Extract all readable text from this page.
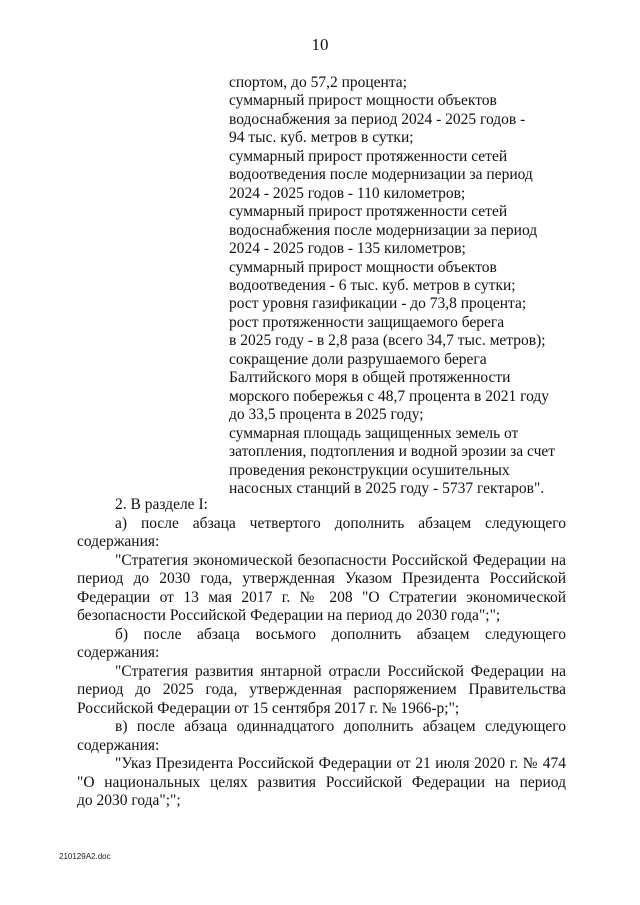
10
спортом, до 57,2 процента;
суммарный прирост мощности объектов
водоснабжения за период 2024 - 2025 годов -
94 тыс. куб. метров в сутки;
суммарный прирост протяженности сетей
водоотведения после модернизации за период
2024 - 2025 годов - 110 километров;
суммарный прирост протяженности сетей
водоснабжения после модернизации за период
2024 - 2025 годов - 135 километров;
суммарный прирост мощности объектов
водоотведения - 6 тыс. куб. метров в сутки;
рост уровня газификации - до 73,8 процента;
рост протяженности защищаемого берега
в 2025 году - в 2,8 раза (всего 34,7 тыс. метров);
сокращение доли разрушаемого берега
Балтийского моря в общей протяженности
морского побережья с 48,7 процента в 2021 году
до 33,5 процента в 2025 году;
суммарная площадь защищенных земель от
затопления, подтопления и водной эрозии за счет
проведения реконструкции осушительных
насосных станций в 2025 году - 5737 гектаров".
2. В разделе I:
а) после абзаца четвертого дополнить абзацем следующего
содержания:
"Стратегия экономической безопасности Российской Федерации на
период до 2030 года, утвержденная Указом Президента Российской
Федерации от 13 мая 2017 г. № 208 "О Стратегии экономической
безопасности Российской Федерации на период до 2030 года";";
б) после абзаца восьмого дополнить абзацем следующего
содержания:
"Стратегия развития янтарной отрасли Российской Федерации на
период до 2025 года, утвержденная распоряжением Правительства
Российской Федерации от 15 сентября 2017 г. № 1966-р;";
в) после абзаца одиннадцатого дополнить абзацем следующего
содержания:
"Указ Президента Российской Федерации от 21 июля 2020 г. № 474
"О национальных целях развития Российской Федерации на период
до 2030 года";";
210129A2.doc
